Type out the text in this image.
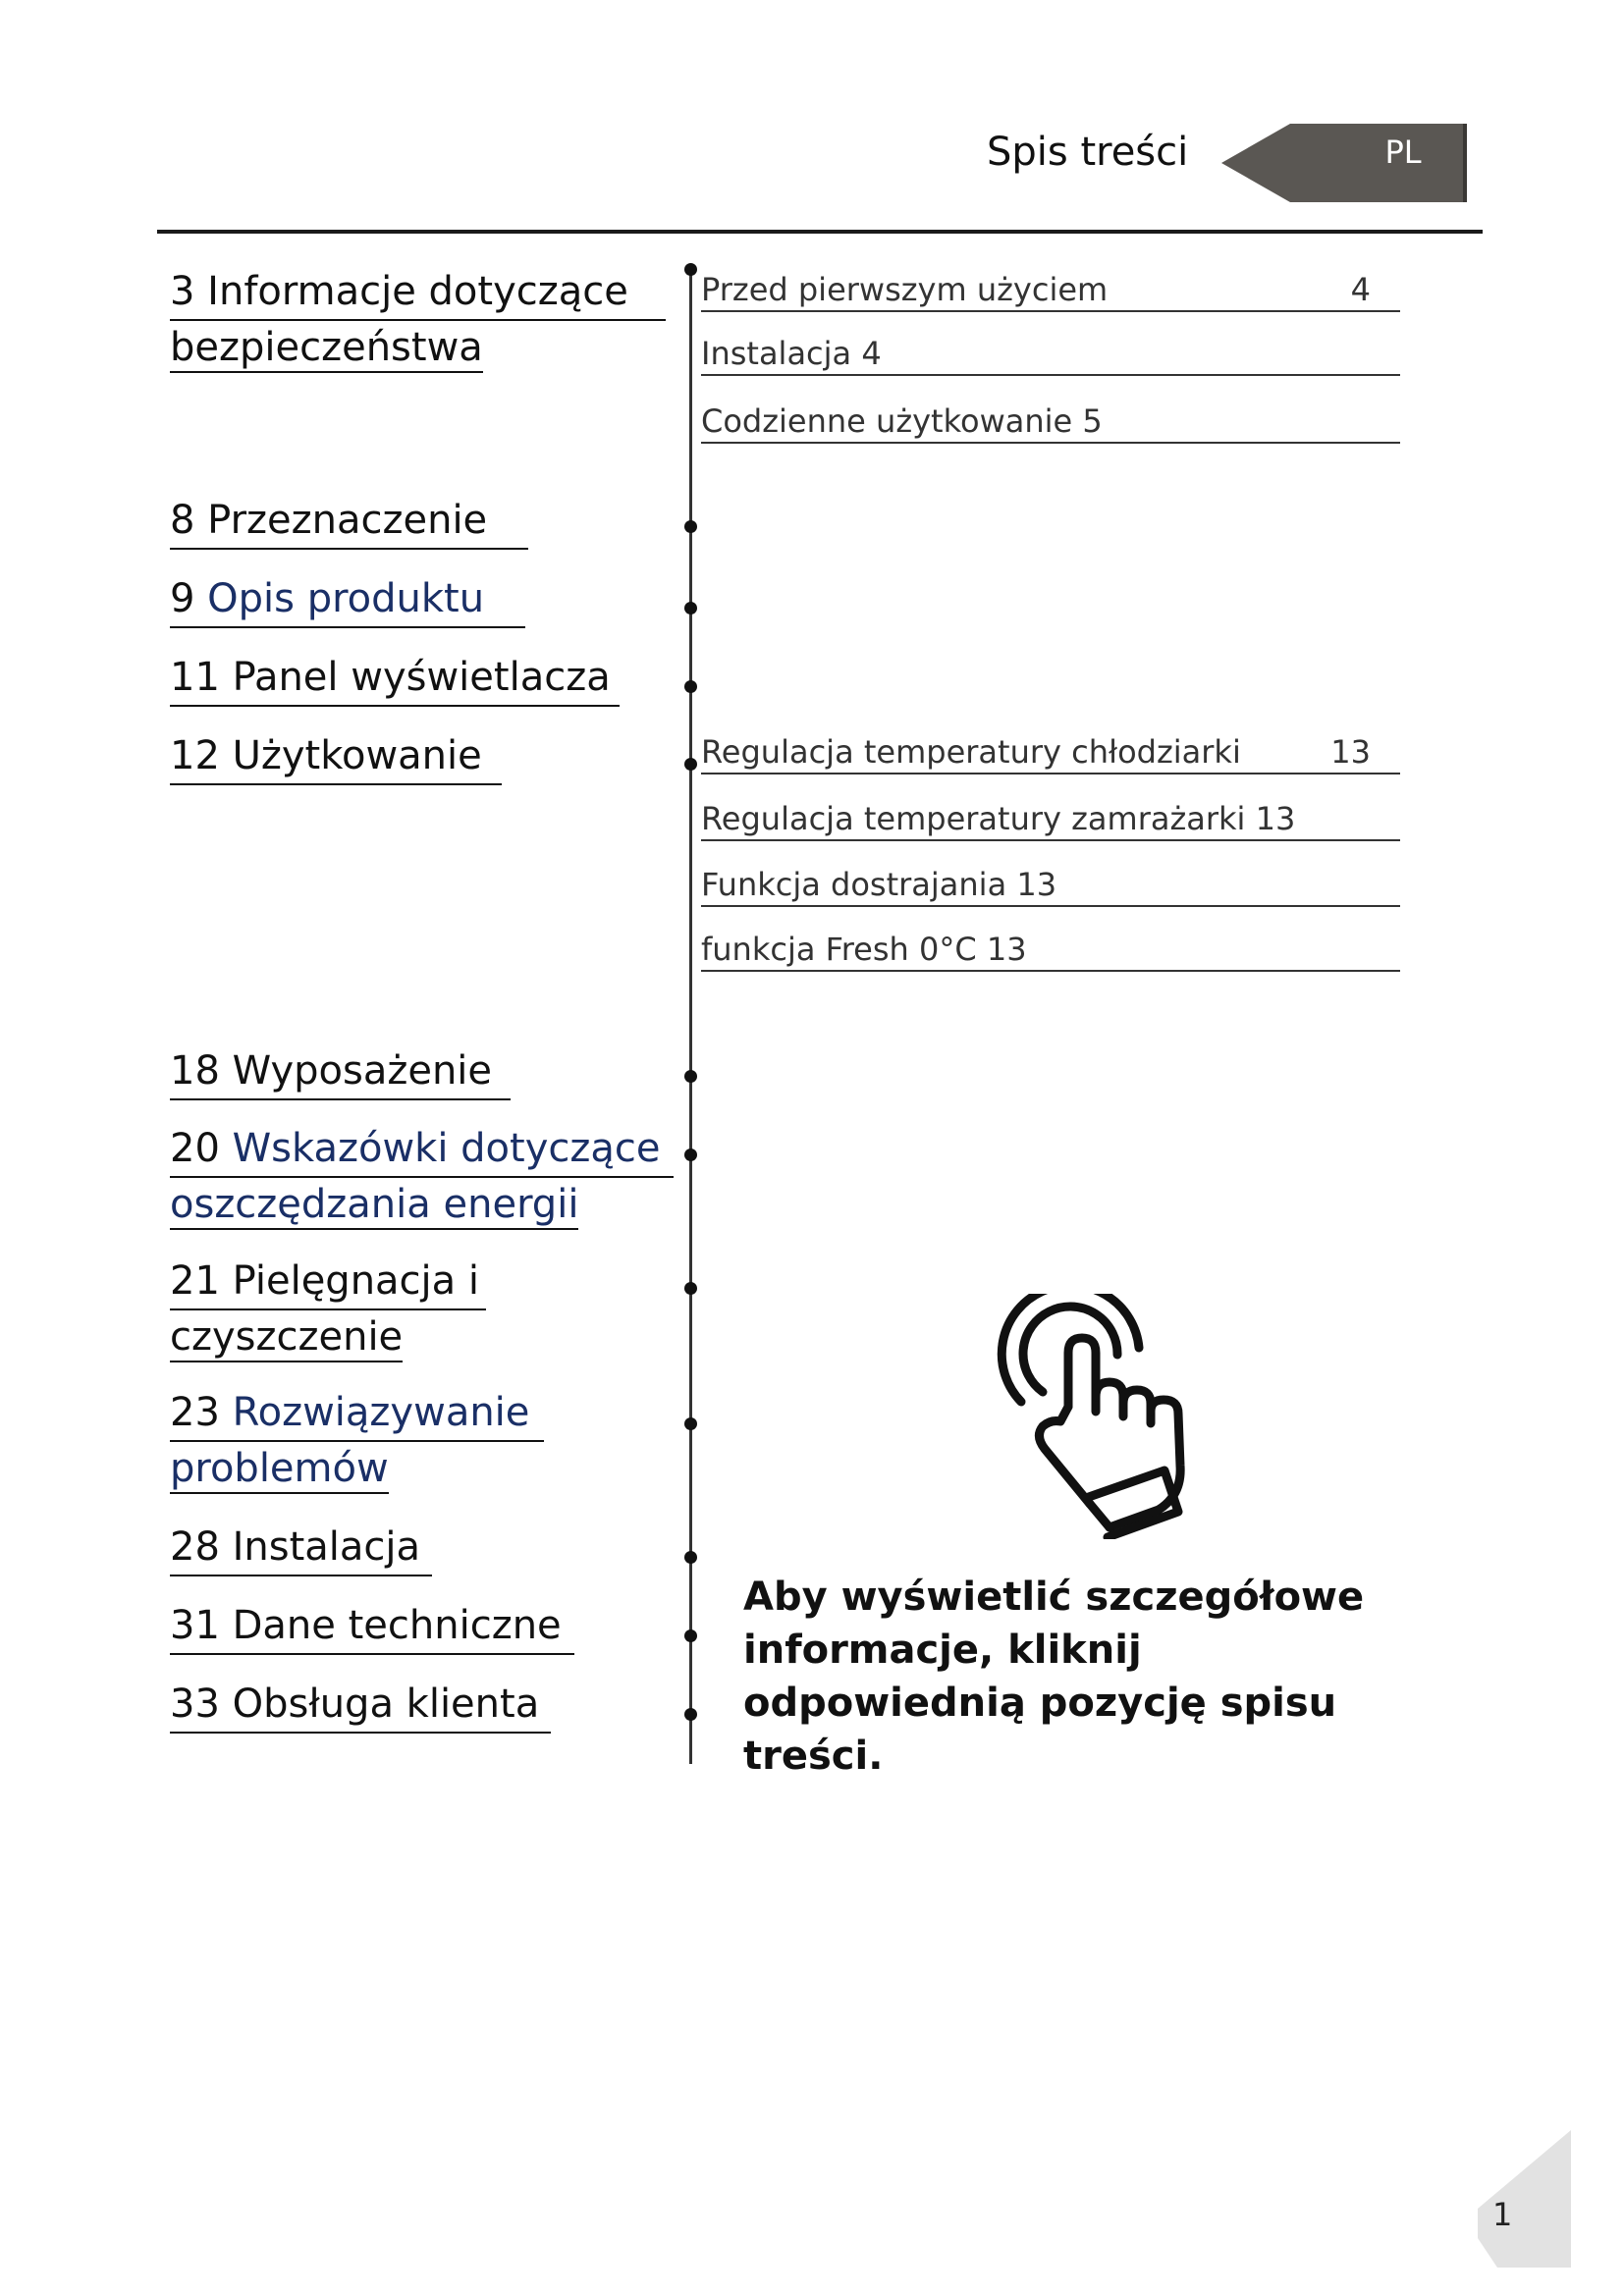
Spis treści	PL
3 Informacje dotyczące
bezpieczeństwa
8 Przeznaczenie
9 Opis produktu
11 Panel wyświetlacza
12 Użytkowanie
18 Wyposażenie
20 Wskazówki dotyczące
oszczędzania energii
21 Pielęgnacja i
czyszczenie
23 Rozwiązywanie
problemów
28 Instalacja
31 Dane techniczne
33 Obsługa klienta
Przed pierwszym użyciem	4
Instalacja 4
Codzienne użytkowanie 5
Regulacja temperatury chłodziarki	13
Regulacja temperatury zamrażarki 13
Funkcja dostrajania 13
funkcja Fresh 0°C 13
Aby wyświetlić szczegółowe informacje, kliknij odpowiednią pozycję spisu treści.
1
